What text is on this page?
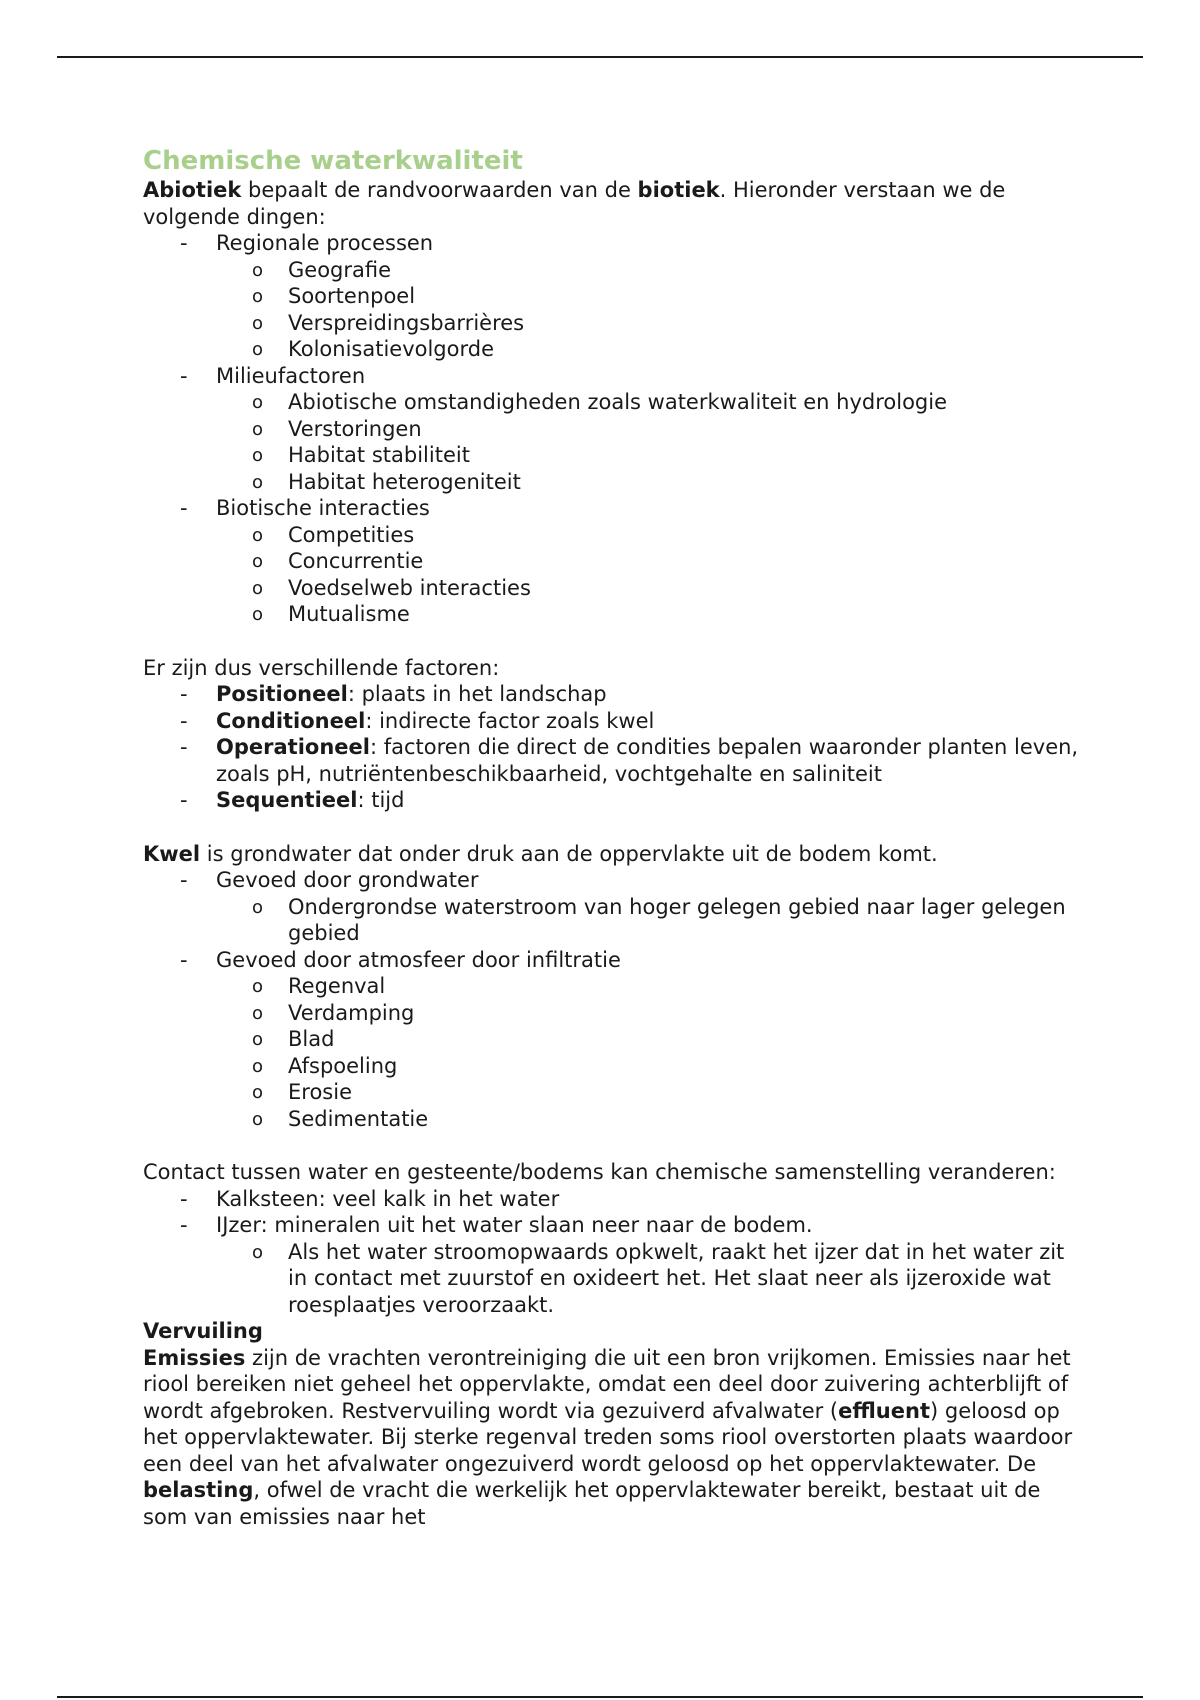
Chemische waterkwaliteit

Abiotiek bepaalt de randvoorwaarden van de biotiek. Hieronder verstaan we de volgende dingen:

- Regionale processen
o Geografie
o Soortenpoel
o Verspreidingsbarrières
o Kolonisatievolgorde
- Milieufactoren
o Abiotische omstandigheden zoals waterkwaliteit en hydrologie
o Verstoringen
o Habitat stabiliteit
o Habitat heterogeniteit
- Biotische interacties
o Competities
o Concurrentie
o Voedselweb interacties
o Mutualisme

Er zijn dus verschillende factoren:

- Positioneel: plaats in het landschap
- Conditioneel: indirecte factor zoals kwel
- Operationeel: factoren die direct de condities bepalen waaronder planten leven, zoals pH, nutriëntenbeschikbaarheid, vochtgehalte en saliniteit
- Sequentieel: tijd

Kwel is grondwater dat onder druk aan de oppervlakte uit de bodem komt.

- Gevoed door grondwater
o Ondergrondse waterstroom van hoger gelegen gebied naar lager gelegen gebied
- Gevoed door atmosfeer door infiltratie
o Regenval
o Verdamping
o Blad
o Afspoeling
o Erosie
o Sedimentatie

Contact tussen water en gesteente/bodems kan chemische samenstelling veranderen:

- Kalksteen: veel kalk in het water
- IJzer: mineralen uit het water slaan neer naar de bodem.
o Als het water stroomopwaards opkwelt, raakt het ijzer dat in het water zit in contact met zuurstof en oxideert het. Het slaat neer als ijzeroxide wat roesplaatjes veroorzaakt.

Vervuiling

Emissies zijn de vrachten verontreiniging die uit een bron vrijkomen. Emissies naar het riool bereiken niet geheel het oppervlakte, omdat een deel door zuivering achterblijft of wordt afgebroken. Restvervuiling wordt via gezuiverd afvalwater (effluent) geloosd op het oppervlaktewater. Bij sterke regenval treden soms riool overstorten plaats waardoor een deel van het afvalwater ongezuiverd wordt geloosd op het oppervlaktewater. De belasting, ofwel de vracht die werkelijk het oppervlaktewater bereikt, bestaat uit de som van emissies naar het
